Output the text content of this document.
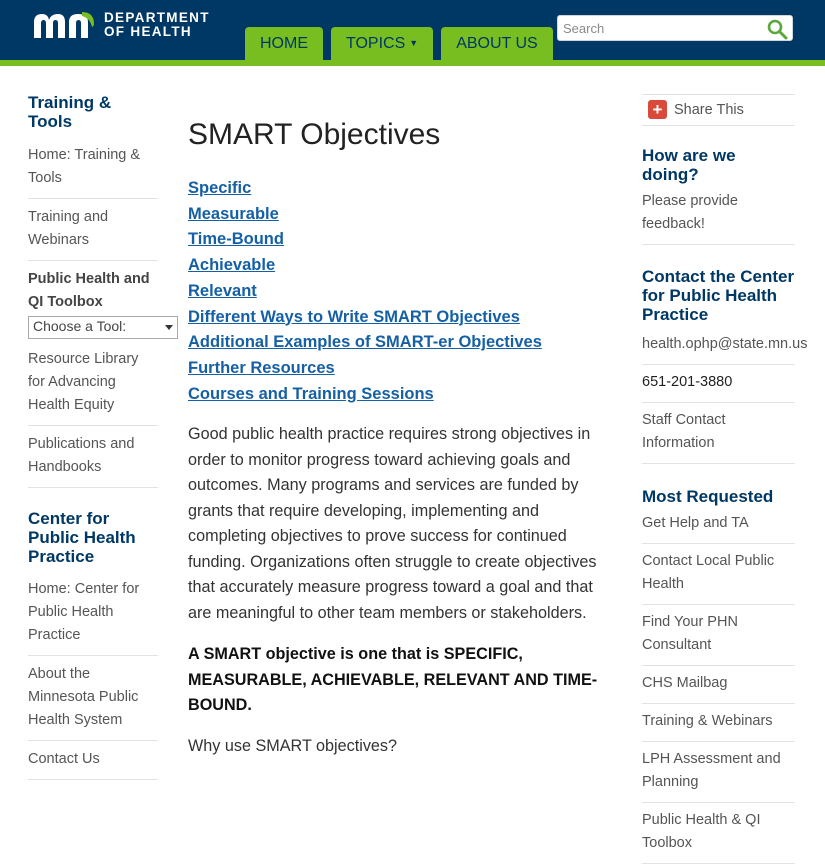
DEPARTMENT
OF HEALTH
HOME	TOPICS ▼	ABOUT US
Search
Training & Tools
Home: Training & Tools
Training and Webinars
Public Health and QI Toolbox
Choose a Tool:
Resource Library for Advancing Health Equity
Publications and Handbooks
Center for Public Health Practice
Home: Center for Public Health Practice
About the Minnesota Public Health System
Contact Us
SMART Objectives
Specific
Measurable
Time-Bound
Achievable
Relevant
Different Ways to Write SMART Objectives
Additional Examples of SMART-er Objectives
Further Resources
Courses and Training Sessions

Good public health practice requires strong objectives in order to monitor progress toward achieving goals and outcomes. Many programs and services are funded by grants that require developing, implementing and completing objectives to prove success for continued funding. Organizations often struggle to create objectives that accurately measure progress toward a goal and that are meaningful to other team members or stakeholders.

A SMART objective is one that is SPECIFIC, MEASURABLE, ACHIEVABLE, RELEVANT AND TIME-BOUND.

Why use SMART objectives?

+ Share This
How are we doing?
Please provide feedback!
Contact the Center for Public Health Practice
health.ophp@state.mn.us
651-201-3880
Staff Contact Information
Most Requested
Get Help and TA
Contact Local Public Health
Find Your PHN Consultant
CHS Mailbag
Training & Webinars
LPH Assessment and Planning
Public Health & QI Toolbox
